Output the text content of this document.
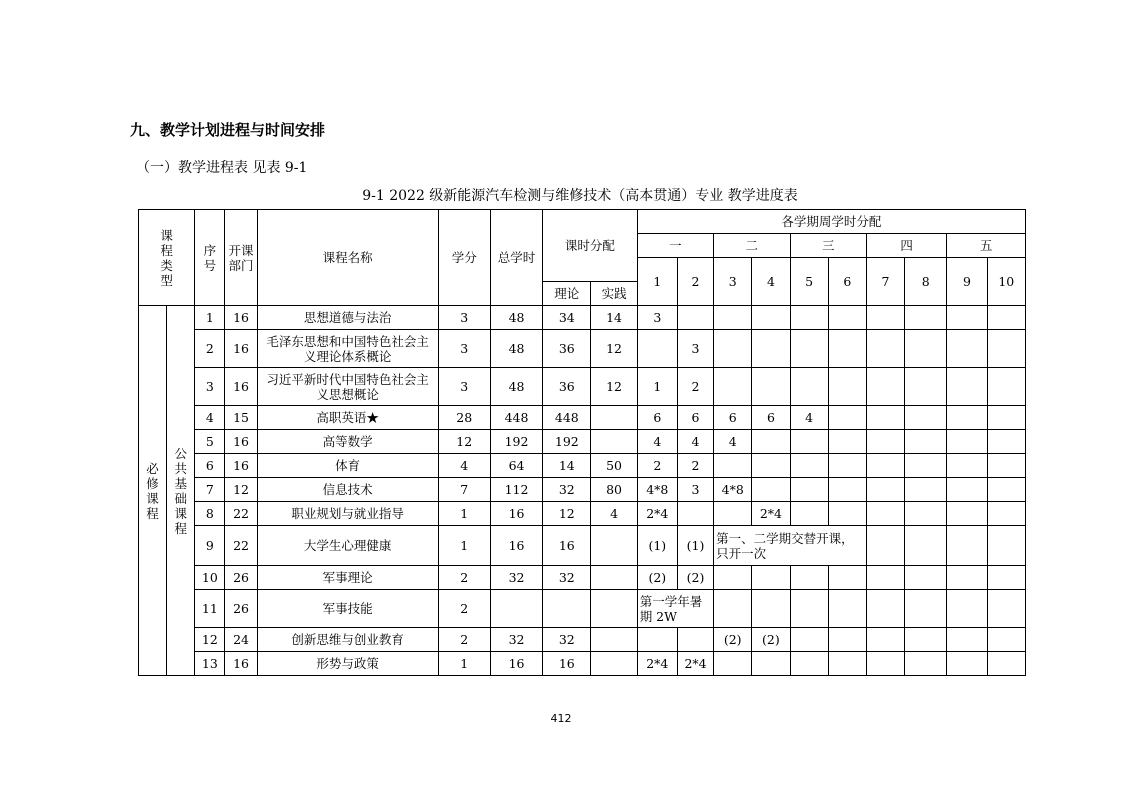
九、教学计划进程与时间安排
（一）教学进程表 见表 9-1
9-1 2022 级新能源汽车检测与维修技术（高本贯通）专业 教学进度表
课程类型		序号	开课部门	课程名称	学分	总学时	课时分配		各学期周学时分配									
									一		二		三		四		五	
									1	2	3	4	5	6	7	8	9	10
							理论	实践										
必修课程	公共基础课程	1	16	思想道德与法治	3	48	34	14	3									
		2	16	毛泽东思想和中国特色社会主义理论体系概论	3	48	36	12		3								
		3	16	习近平新时代中国特色社会主义思想概论	3	48	36	12	1	2								
		4	15	高职英语★	28	448	448		6	6	6	6	4					
		5	16	高等数学	12	192	192		4	4	4							
		6	16	体育	4	64	14	50	2	2								
		7	12	信息技术	7	112	32	80	4*8	3	4*8							
		8	22	职业规划与就业指导	1	16	12	4	2*4			2*4						
		9	22	大学生心理健康	1	16	16		(1)	(1)	第一、二学期交替开课，只开一次							
		10	26	军事理论	2	32	32		(2)	(2)								
		11	26	军事技能	2				第一学年暑期 2W									
		12	24	创新思维与创业教育	2	32	32				(2)	(2)						
		13	16	形势与政策	1	16	16		2*4	2*4								
412
